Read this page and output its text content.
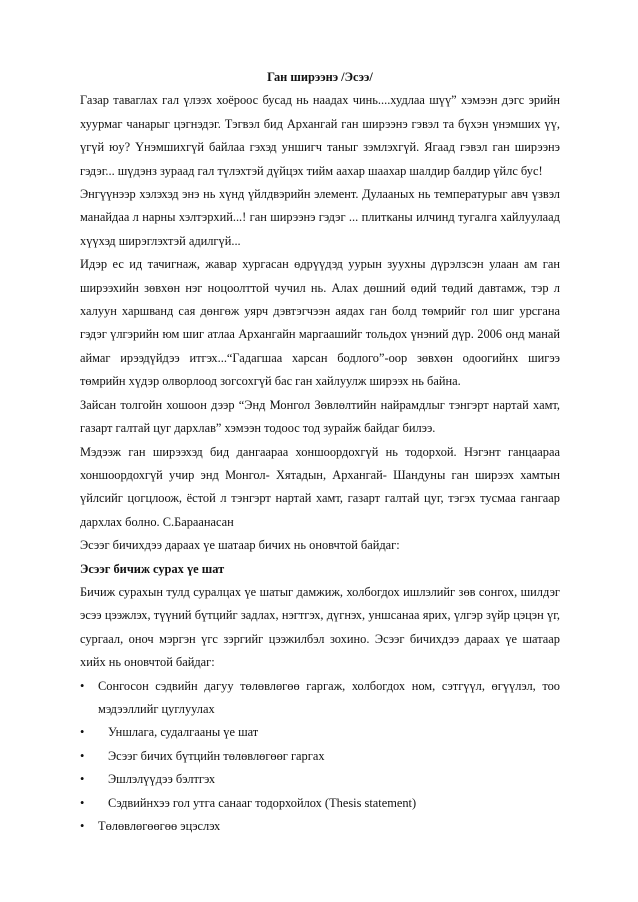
Ган ширээнэ /Эсээ/

Газар таваглах гал үлээх хоёроос бусад нь наадах чинь....худлаа шүү” хэмээн дэгс эрийн хуурмаг чанарыг цэгнэдэг. Тэгвэл бид Архангай ган ширээнэ гэвэл та бүхэн үнэмших үү, үгүй юу? Үнэмшихгүй байлаа гэхэд уншигч таныг зэмлэхгүй. Ягаад гэвэл ган ширээнэ гэдэг... шүдэнз зураад гал түлэхтэй дүйцэх тийм аахар шаахар шалдир балдир үйлс бус!

Энгүүнээр хэлэхэд энэ нь хүнд үйлдвэрийн элемент. Дулааных нь температурыг авч үзвэл манайдаа л нарны хэлтэрхий...! ган ширээнэ гэдэг ... плитканы илчинд тугалга хайлуулаад хүүхэд ширэглэхтэй адилгүй...

Идэр ес ид тачигнаж, жавар хургасан өдрүүдэд уурын зуухны дүрэлзсэн улаан ам ган ширээхийн зөвхөн нэг ноцоолттой чучил нь. Алах дөшний өдий төдий давтамж, тэр л халуун харшванд сая дөнгөж уярч дэвтэгчээн аядах ган болд төмрийг гол шиг урсгана гэдэг үлгэрийн юм шиг атлаа Архангайн маргаашийг тольдох үнэний дүр. 2006 онд манай аймаг ирээдүйдээ итгэх...“Гадагшаа харсан бодлого”-оор зөвхөн одоогийнх шигээ төмрийн хүдэр олворлоод зогсохгүй бас ган хайлуулж ширээх нь байна.

Зайсан толгойн хошоон дээр “Энд Монгол Зөвлөлтийн найрамдлыг тэнгэрт нартай хамт, газарт галтай цуг дархлав” хэмээн тодоос тод зурайж байдаг билээ.

Мэдээж ган ширээхэд бид дангаараа хоншоордохгүй нь тодорхой. Нэгэнт ганцаараа хоншоордохгүй учир энд Монгол- Хятадын, Архангай- Шандуны ган ширээх хамтын үйлсийг цогцлоож, ёстой л тэнгэрт нартай хамт, газарт галтай цуг, тэгэх тусмаа гангаар дархлах болно. С.Бараанасан

Эсээг бичихдээ дараах үе шатаар бичих нь оновчтой байдаг:

Эсээг бичиж сурах үе шат

Бичиж сурахын тулд суралцах үе шатыг дамжиж, холбогдох ишлэлийг зөв сонгох, шилдэг эсээ цээжлэх, түүний бүтцийг задлах, нэгтгэх, дүгнэх, уншсанаа ярих, үлгэр зүйр цэцэн үг, сургаал, оноч мэргэн үгс зэргийг цээжилбэл зохино. Эсээг бичихдээ дараах үе шатаар хийх нь оновчтой байдаг:

•	Сонгосон сэдвийн дагуу төлөвлөгөө гаргаж, холбогдох ном, сэтгүүл, өгүүлэл, тоо мэдээллийг цуглуулах
•	Уншлага, судалгааны үе шат
•	Эсээг бичих бүтцийн төлөвлөгөөг гаргах
•	Эшлэлүүдээ бэлтгэх
•	Сэдвийнхээ гол утга санааг тодорхойлох (Thesis statement)
•	Төлөвлөгөөгөө эцэслэх
